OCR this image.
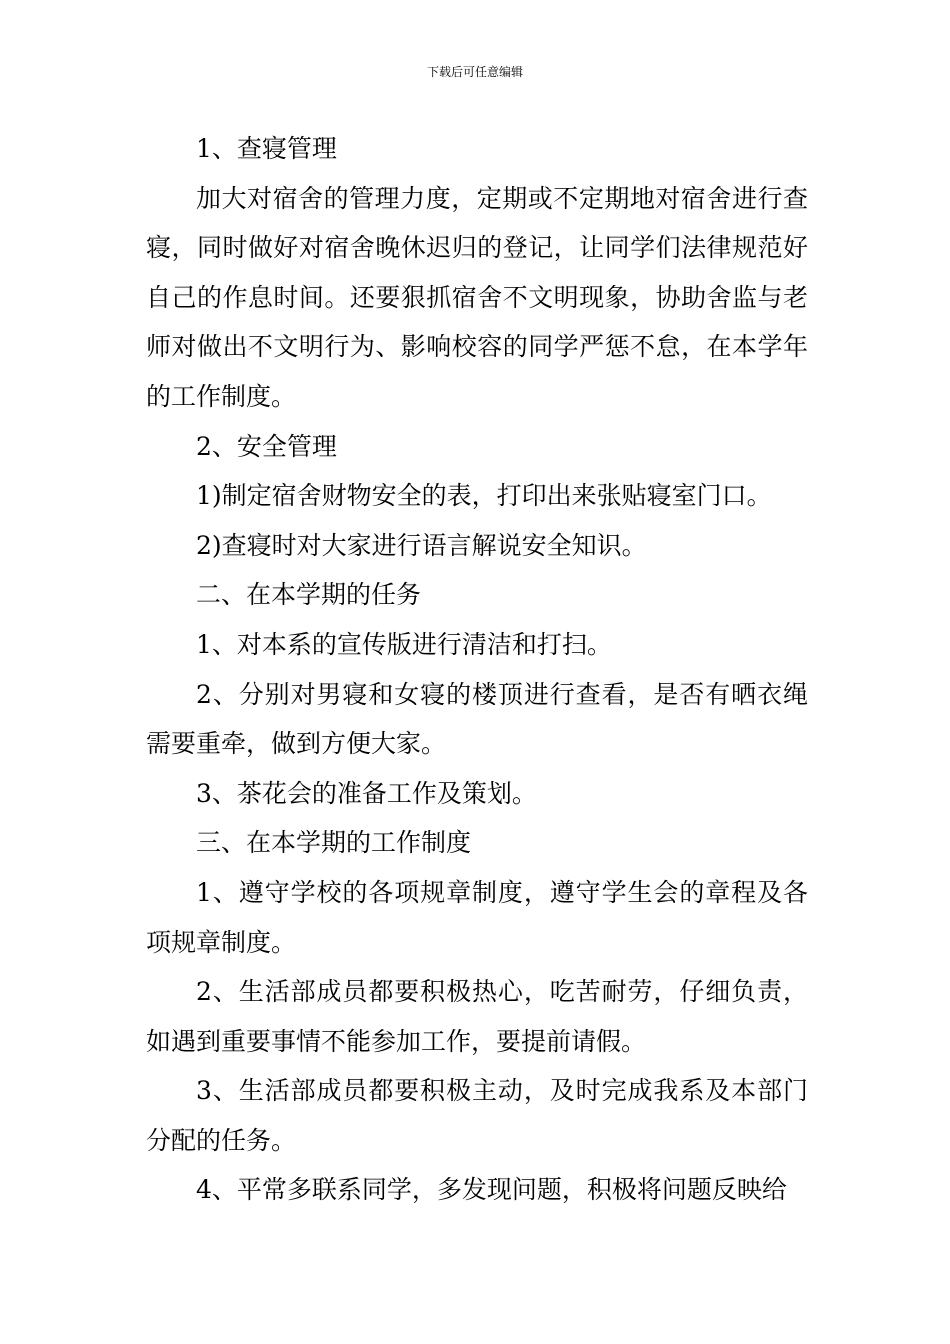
下载后可任意编辑

1、查寝管理

加大对宿舍的管理力度，定期或不定期地对宿舍进行查寝，同时做好对宿舍晚休迟归的登记，让同学们法律规范好自己的作息时间。还要狠抓宿舍不文明现象，协助舍监与老师对做出不文明行为、影响校容的同学严惩不怠，在本学年的工作制度。

2、安全管理

1)制定宿舍财物安全的表，打印出来张贴寝室门口。

2)查寝时对大家进行语言解说安全知识。

二、在本学期的任务

1、对本系的宣传版进行清洁和打扫。

2、分别对男寝和女寝的楼顶进行查看，是否有晒衣绳需要重牵，做到方便大家。

3、茶花会的准备工作及策划。

三、在本学期的工作制度

1、遵守学校的各项规章制度，遵守学生会的章程及各项规章制度。

2、生活部成员都要积极热心，吃苦耐劳，仔细负责，如遇到重要事情不能参加工作，要提前请假。

3、生活部成员都要积极主动，及时完成我系及本部门分配的任务。

4、平常多联系同学，多发现问题，积极将问题反映给
